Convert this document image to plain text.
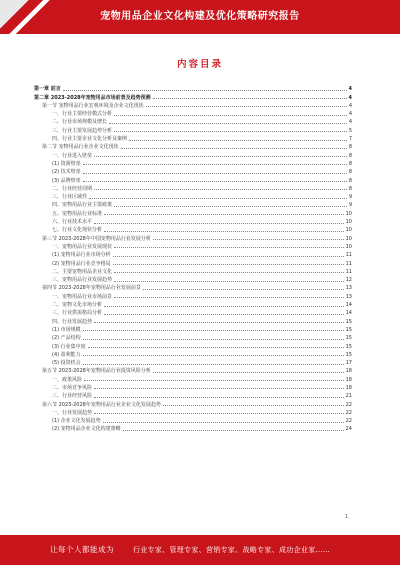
宠物用品企业文化构建及优化策略研究报告
内容目录
第一章 前言	4
第二章 2023-2028年宠物用品市场前景及趋势预测	4
第一节 宠物用品行业宏观环境及企业文化现状	4
一、行业主要经营模式分析	4
二、行业市场规模及增长	4
三、行业主要发展趋势分析	5
四、行业主要企业文化分析及案例	7
第二节 宠物用品行业企业文化现状	8
一、行业进入壁垒	8
(1) 资源壁垒	8
(2) 技术壁垒	8
(3) 品牌壁垒	8
二、行业经营周期	8
三、行业区域性	9
四、宠物用品行业主要政策	9
五、宠物用品行业标准	10
六、行业技术水平	10
七、行业文化现状分析	10
第三节 2023-2028年中国宠物用品行业发展分析	10
一、宠物用品行业发展现状	10
(1) 宠物用品行业市场分析	11
(2) 宠物用品行业竞争格局	11
二、主要宠物用品企业文化	11
三、宠物用品行业发展趋势	12
第四节 2023-2028年宠物用品行业发展前景	13
一、宠物用品行业市场前景	13
二、宠物文化市场分析	14
三、行业供需格局分析	14
四、行业发展趋势	15
(1) 市场规模	15
(2) 产品结构	15
(3) 行业集中度	15
(4) 盈利能力	15
(5) 投资机会	17
第五节 2023-2028年宠物用品行业投资风险分析	18
一、政策风险	18
二、市场竞争风险	18
三、行业经营风险	21
第六节 2023-2028年宠物用品行业企业文化发展趋势	22
一、行业发展趋势	22
(1) 企业文化发展趋势	22
(2) 宠物用品企业文化构建策略	24
1
让每个人都能成为	行业专家、管理专家、营销专家、战略专家、成功企业家……
